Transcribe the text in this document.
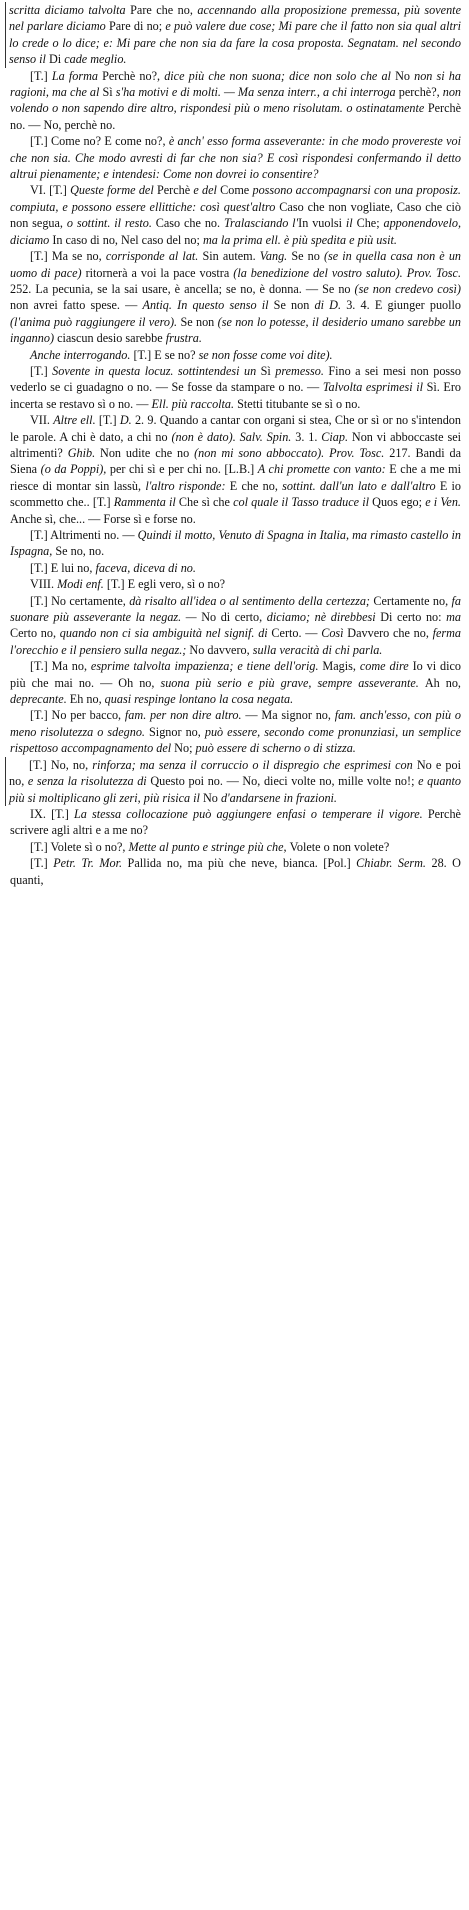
scritta diciamo talvolta Pare che no, accennando alla proposizione premessa, più sovente nel parlare diciamo Pare di no; e può valere due cose; Mi pare che il fatto non sia qual altri lo crede o lo dice; e: Mi pare che non sia da fare la cosa proposta. Segnatam. nel secondo senso il Di cade meglio.

[T.] La forma Perchè no?, dice più che non suona; dice non solo che al No non si ha ragioni, ma che al Sì s'ha motivi e di molti. — Ma senza interr., a chi interroga perchè?, non volendo o non sapendo dire altro, rispondesi più o meno risolutam. o ostinatamente Perchè no. — No, perchè no.

[T.] Come no? E come no?, è anch' esso forma asseverante: in che modo provereste voi che non sia. Che modo avresti di far che non sia? E così rispondesi confermando il detto altrui pienamente; e intendesi: Come non dovrei io consentire?

VI. [T.] Queste forme del Perchè e del Come possono accompagnarsi con una proposiz. compiuta, e possono essere ellittiche: così quest'altro Caso che non vogliate, Caso che ciò non segua, o sottint. il resto. Caso che no. Tralasciando l'In vuolsi il Che; apponendovelo, diciamo In caso di no, Nel caso del no; ma la prima ell. è più spedita e più usit.

[T.] Ma se no, corrisponde al lat. Sin autem. Vang. Se no (se in quella casa non è un uomo di pace) ritornerà a voi la pace vostra (la benedizione del vostro saluto). Prov. Tosc. 252. La pecunia, se la sai usare, è ancella; se no, è donna. — Se no (se non credevo così) non avrei fatto spese. — Antiq. In questo senso il Se non di D. 3. 4. E giunger puollo (l'anima può raggiungere il vero). Se non (se non lo potesse, il desiderio umano sarebbe un inganno) ciascun desio sarebbe frustra.

Anche interrogando. [T.] E se no? se non fosse come voi dite).

[T.] Sovente in questa locuz. sottintendesi un Sì premesso. Fino a sei mesi non posso vederlo se ci guadagno o no. — Se fosse da stampare o no. — Talvolta esprimesi il Sì. Ero incerta se restavo sì o no. — Ell. più raccolta. Stetti titubante se sì o no.

VII. Altre ell. [T.] D. 2. 9. Quando a cantar con organi si stea, Che or sì or no s'intendon le parole. A chi è dato, a chi no (non è dato). Salv. Spin. 3. 1. Ciap. Non vi abboccaste sei altrimenti? Ghib. Non udite che no (non mi sono abboccato). Prov. Tosc. 217. Bandi da Siena (o da Poppi), per chi sì e per chi no. [L.B.] A chi promette con vanto: E che a me mi riesce di montar sin lassù, l'altro risponde: E che no, sottint. dall'un lato e dall'altro E io scommetto che.. [T.] Rammenta il Che sì che col quale il Tasso traduce il Quos ego; e i Ven. Anche sì, che... — Forse sì e forse no.

[T.] Altrimenti no. — Quindi il motto, Venuto di Spagna in Italia, ma rimasto castello in Ispagna, Se no, no.

[T.] E lui no, faceva, diceva di no.

VIII. Modi enf. [T.] E egli vero, sì o no?

[T.] No certamente, dà risalto all'idea o al sentimento della certezza; Certamente no, fa suonare più asseverante la negaz. — No di certo, diciamo; nè direbbesi Di certo no: ma Certo no, quando non ci sia ambiguità nel signif. di Certo. — Così Davvero che no, ferma l'orecchio e il pensiero sulla negaz.; No davvero, sulla veracità di chi parla.

[T.] Ma no, esprime talvolta impazienza; e tiene dell'orig. Magis, come dire Io vi dico più che mai no. — Oh no, suona più serio e più grave, sempre asseverante. Ah no, deprecante. Eh no, quasi respinge lontano la cosa negata.

[T.] No per bacco, fam. per non dire altro. — Ma signor no, fam. anch'esso, con più o meno risolutezza o sdegno. Signor no, può essere, secondo come pronunziasi, un semplice rispettoso accompagnamento del No; può essere di scherno o di stizza.

[T.] No, no, rinforza; ma senza il corruccio o il dispregio che esprimesi con No e poi no, e senza la risolutezza di Questo poi no. — No, dieci volte no, mille volte no!; e quanto più si moltiplicano gli zeri, più risica il No d'andarsene in frazioni.

IX. [T.] La stessa collocazione può aggiungere enfasi o temperare il vigore. Perchè scrivere agli altri e a me no?

[T.] Volete sì o no?, Mette al punto e stringe più che, Volete o non volete?

[T.] Petr. Tr. Mor. Pallida no, ma più che neve, bianca. [Pol.] Chiabr. Serm. 28. O quanti,
